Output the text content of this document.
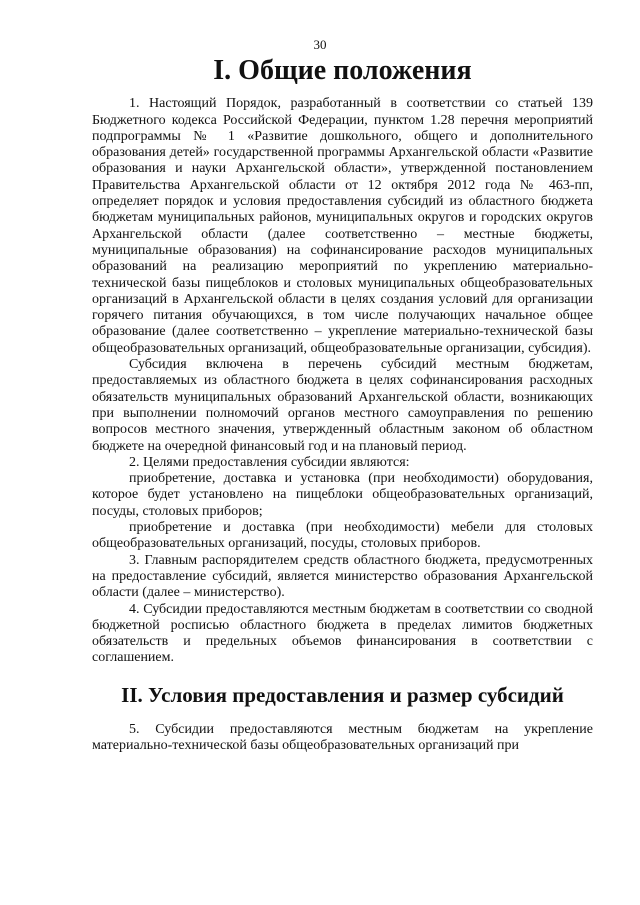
30
I. Общие положения

1. Настоящий Порядок, разработанный в соответствии со статьей 139 Бюджетного кодекса Российской Федерации, пунктом 1.28 перечня мероприятий подпрограммы № 1 «Развитие дошкольного, общего и дополнительного образования детей» государственной программы Архангельской области «Развитие образования и науки Архангельской области», утвержденной постановлением Правительства Архангельской области от 12 октября 2012 года № 463-пп, определяет порядок и условия предоставления субсидий из областного бюджета бюджетам муниципальных районов, муниципальных округов и городских округов Архангельской области (далее соответственно – местные бюджеты, муниципальные образования) на софинансирование расходов муниципальных образований на реализацию мероприятий по укреплению материально-технической базы пищеблоков и столовых муниципальных общеобразовательных организаций в Архангельской области в целях создания условий для организации горячего питания обучающихся, в том числе получающих начальное общее образование (далее соответственно – укрепление материально-технической базы общеобразовательных организаций, общеобразовательные организации, субсидия).

Субсидия включена в перечень субсидий местным бюджетам, предоставляемых из областного бюджета в целях софинансирования расходных обязательств муниципальных образований Архангельской области, возникающих при выполнении полномочий органов местного самоуправления по решению вопросов местного значения, утвержденный областным законом об областном бюджете на очередной финансовый год и на плановый период.

2. Целями предоставления субсидии являются:

приобретение, доставка и установка (при необходимости) оборудования, которое будет установлено на пищеблоки общеобразовательных организаций, посуды, столовых приборов;

приобретение и доставка (при необходимости) мебели для столовых общеобразовательных организаций, посуды, столовых приборов.

3. Главным распорядителем средств областного бюджета, предусмотренных на предоставление субсидий, является министерство образования Архангельской области (далее – министерство).

4. Субсидии предоставляются местным бюджетам в соответствии со сводной бюджетной росписью областного бюджета в пределах лимитов бюджетных обязательств и предельных объемов финансирования в соответствии с соглашением.

II. Условия предоставления и размер субсидий

5. Субсидии предоставляются местным бюджетам на укрепление материально-технической базы общеобразовательных организаций при
